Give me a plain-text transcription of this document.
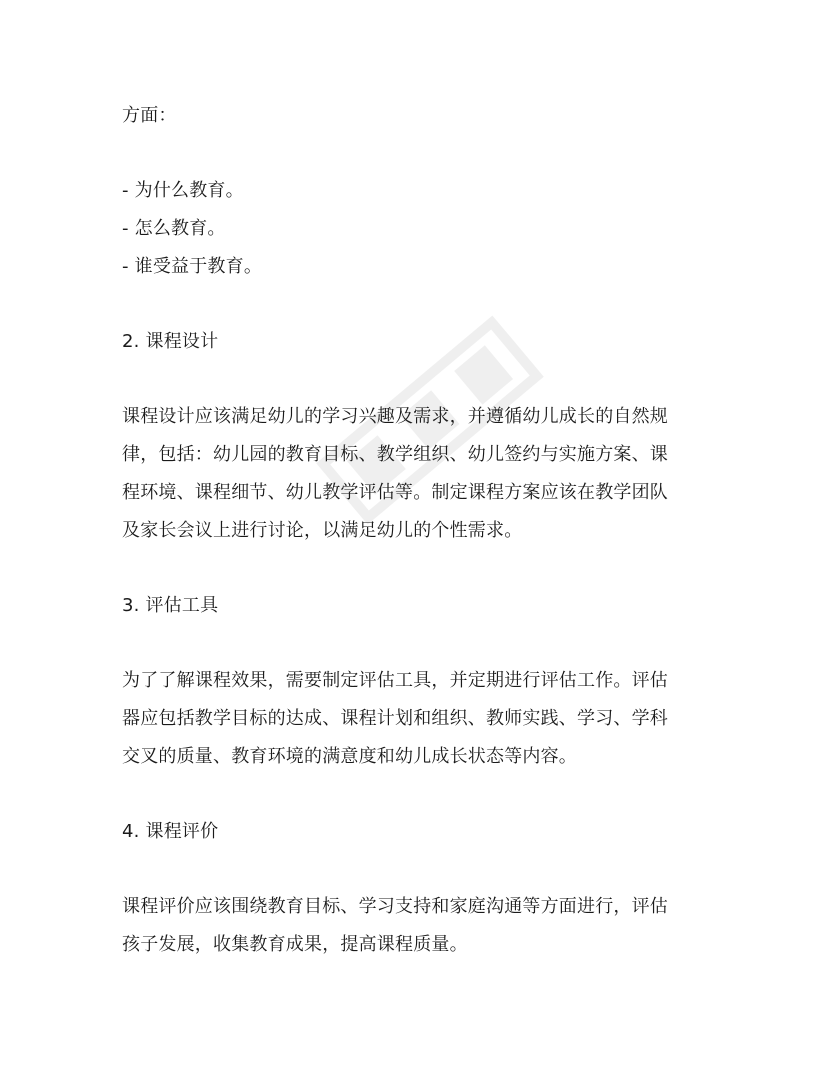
方面：
- 为什么教育。
- 怎么教育。
- 谁受益于教育。
2. 课程设计
课程设计应该满足幼儿的学习兴趣及需求，并遵循幼儿成长的自然规
律，包括：幼儿园的教育目标、教学组织、幼儿签约与实施方案、课
程环境、课程细节、幼儿教学评估等。制定课程方案应该在教学团队
及家长会议上进行讨论，以满足幼儿的个性需求。
3. 评估工具
为了了解课程效果，需要制定评估工具，并定期进行评估工作。评估
器应包括教学目标的达成、课程计划和组织、教师实践、学习、学科
交叉的质量、教育环境的满意度和幼儿成长状态等内容。
4. 课程评价
课程评价应该围绕教育目标、学习支持和家庭沟通等方面进行，评估
孩子发展，收集教育成果，提高课程质量。
